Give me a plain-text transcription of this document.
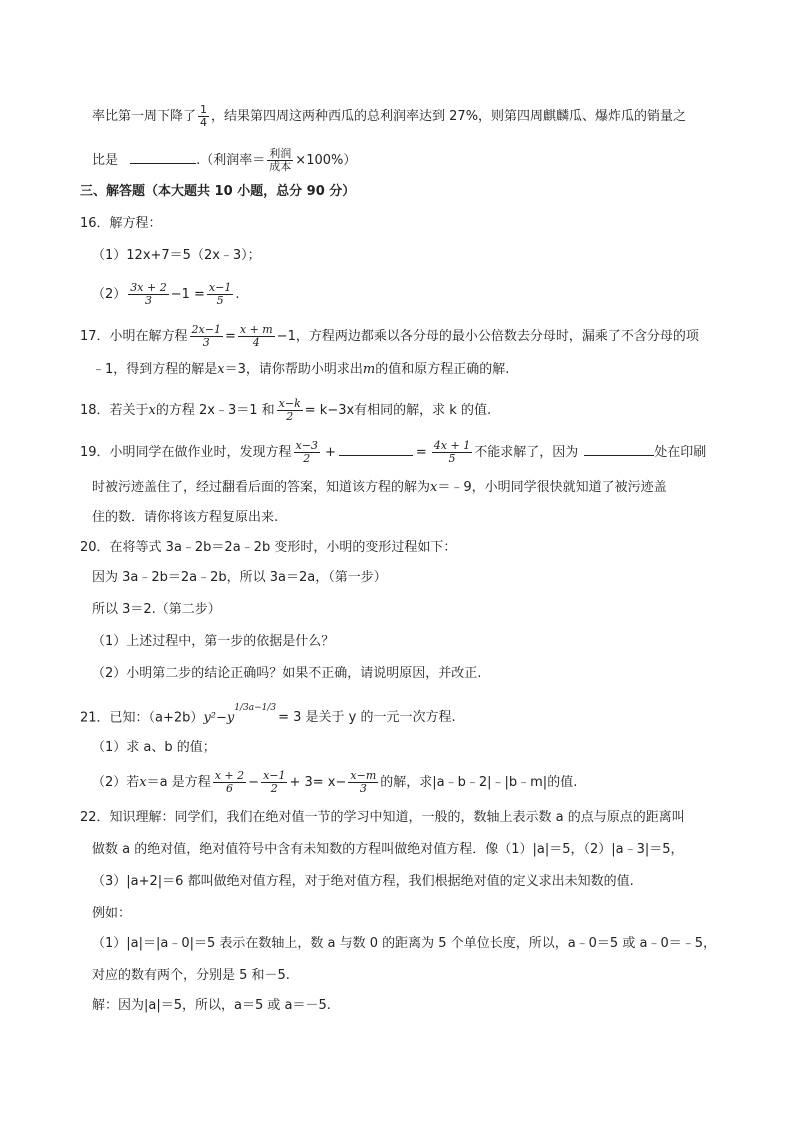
率比第一周下降了 $\frac{1}{4}$ ，结果第四周这两种西瓜的总利润率达到 27%，则第四周麒麟瓜、爆炸瓜的销量之
比是	.（利润率＝ $\frac{\text{利润}}{\text{成本}} \times 100\%$）
三、解答题（本大题共 10 小题，总分 90 分）
16．解方程：
（1）12x+7＝5（2x﹣3）；
$(2) \frac{3x + 2}{3} -1 = \frac{x-1}{5}$ .
17．小明在解方程 $\frac{2x-1}{3} = \frac{x + m}{4} -1$，方程两边都乘以各分母的最小公倍数去分母时，漏乘了不含分母的项
﹣1，得到方程的解是x＝3，请你帮助小明求出m的值和原方程正确的解.
18．若关于x的方程 2x﹣3＝1 和 $\frac{x-k}{2} = k-3x$有相同的解，求 k 的值.
19．小明同学在做作业时，发现方程 $\frac{x-3}{2}$ +	= $\frac{4x + 1}{5}$ 不能求解了，因为	处在印刷
时被污迹盖住了，经过翻看后面的答案，知道该方程的解为x＝﹣9，小明同学很快就知道了被污迹盖
住的数．请你将该方程复原出来.
20．在将等式 3a﹣2b＝2a﹣2b 变形时，小明的变形过程如下：
因为 3a﹣2b＝2a﹣2b，所以 3a＝2a，（第一步）
所以 3＝2.（第二步）
（1）上述过程中，第一步的依据是什么？
（2）小明第二步的结论正确吗？如果不正确，请说明原因，并改正.
21．已知：$(a+2b)y^2-y^{1/3a-1/3}= 3$ 是关于 y 的一元一次方程.
（1）求 a、b 的值；
（2）若x＝a 是方程 $\frac{x + 2}{6} - \frac{x-1}{2} + 3= x- \frac{x-m}{3}$ 的解，求|a﹣b﹣2|﹣|b﹣m|的值.
22．知识理解：同学们，我们在绝对值一节的学习中知道，一般的，数轴上表示数 a 的点与原点的距离叫
做数 a 的绝对值，绝对值符号中含有未知数的方程叫做绝对值方程．像（1）|a|＝5，（2）|a﹣3|＝5，
（3）|a+2|＝6 都叫做绝对值方程，对于绝对值方程，我们根据绝对值的定义求出未知数的值.
例如：
（1）|a|＝|a﹣0|＝5 表示在数轴上，数 a 与数 0 的距离为 5 个单位长度，所以，a﹣0＝5 或 a﹣0＝﹣5，
对应的数有两个，分别是 5 和－5.
解：因为|a|＝5，所以，a＝5 或 a＝－5.
